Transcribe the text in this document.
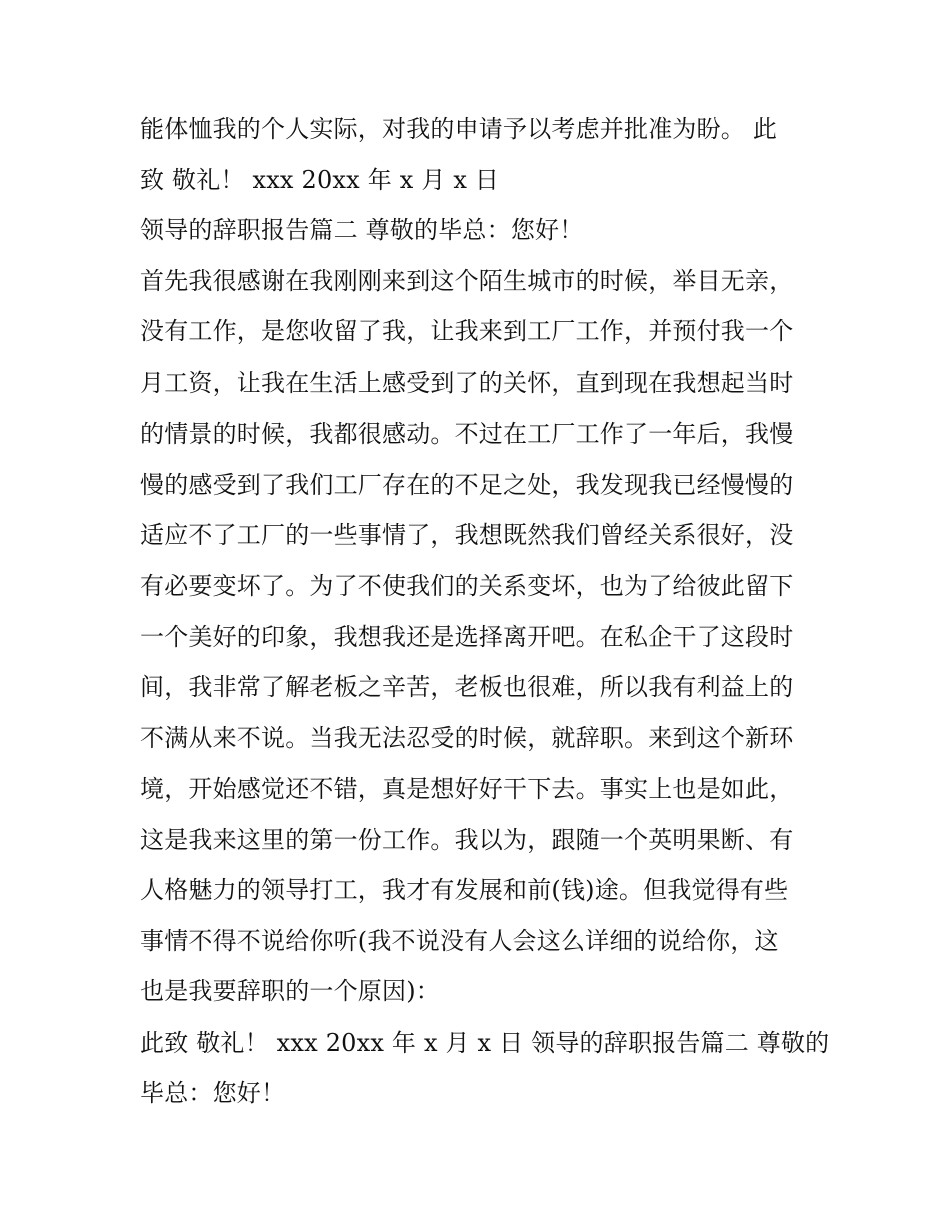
能体恤我的个人实际，对我的申请予以考虑并批准为盼。 此
致 敬礼！ xxx 20xx 年 x 月 x 日
领导的辞职报告篇二 尊敬的毕总：您好！
首先我很感谢在我刚刚来到这个陌生城市的时候，举目无亲，
没有工作，是您收留了我，让我来到工厂工作，并预付我一个
月工资，让我在生活上感受到了的关怀，直到现在我想起当时
的情景的时候，我都很感动。不过在工厂工作了一年后，我慢
慢的感受到了我们工厂存在的不足之处，我发现我已经慢慢的
适应不了工厂的一些事情了，我想既然我们曾经关系很好，没
有必要变坏了。为了不使我们的关系变坏，也为了给彼此留下
一个美好的印象，我想我还是选择离开吧。在私企干了这段时
间，我非常了解老板之辛苦，老板也很难，所以我有利益上的
不满从来不说。当我无法忍受的时候，就辞职。来到这个新环
境，开始感觉还不错，真是想好好干下去。事实上也是如此，
这是我来这里的第一份工作。我以为，跟随一个英明果断、有
人格魅力的领导打工，我才有发展和前(钱)途。但我觉得有些
事情不得不说给你听(我不说没有人会这么详细的说给你，这
也是我要辞职的一个原因)：
此致 敬礼！ xxx 20xx 年 x 月 x 日 领导的辞职报告篇二 尊敬的
毕总：您好！
